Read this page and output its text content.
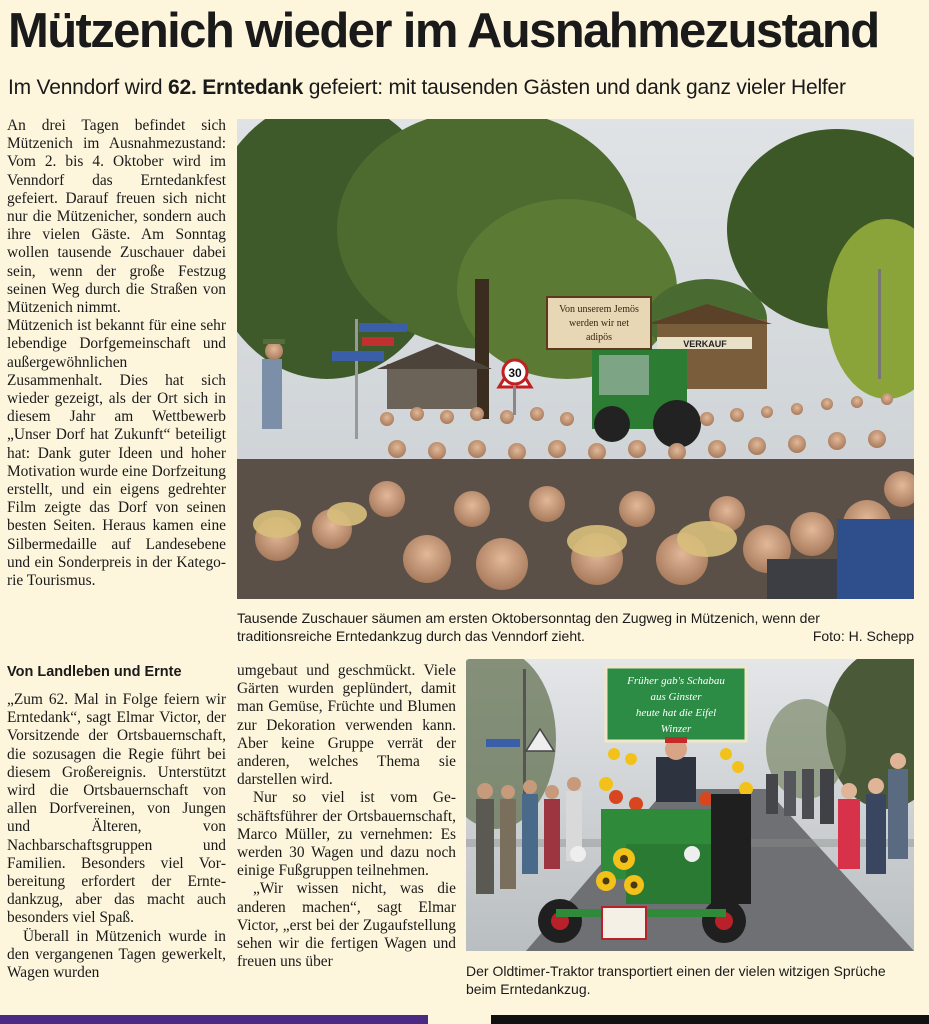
Mützenich wieder im Ausnahmezustand
Im Venndorf wird 62. Erntedank gefeiert: mit tausenden Gästen und dank ganz vieler Helfer

An drei Tagen befindet sich Mützenich im Ausnahmezustand: Vom 2. bis 4. Oktober wird im Venndorf das Erntedankfest gefeiert. Darauf freuen sich nicht nur die Mützenicher, sondern auch ihre vielen Gäste. Am Sonntag wollen tausende Zuschauer dabei sein, wenn der große Festzug seinen Weg durch die Straßen von Mützenich nimmt.

Mützenich ist bekannt für eine sehr lebendige Dorfgemeinschaft und außergewöhnlichen Zusammenhalt. Dies hat sich wieder gezeigt, als der Ort sich in diesem Jahr am Wettbewerb „Unser Dorf hat Zukunft“ beteiligt hat: Dank guter Ideen und hoher Motivation wurde eine Dorfzeitung erstellt, und ein eigens gedrehter Film zeigte das Dorf von seinen besten Seiten. Heraus kamen eine Silbermedaille auf Landesebene und ein Sonderpreis in der Kategorie Tourismus.

30
Von unserem Jemös
werden wir net
adipös
VERKAUF
Tausende Zuschauer säumen am ersten Oktobersonntag den Zugweg in Mützenich, wenn der traditionsreiche Erntedankzug durch das Venndorf zieht.	Foto: H. Schepp
Von Landleben und Ernte

„Zum 62. Mal in Folge feiern wir Erntedank“, sagt Elmar Victor, der Vorsitzende der Ortsbauernschaft, die sozusagen die Regie führt bei diesem Großereignis. Unterstützt wird die Ortsbauernschaft von allen Dorfvereinen, von Jungen und Älteren, von Nachbarschaftsgruppen und Familien. Besonders viel Vorbereitung erfordert der Erntedankzug, aber das macht auch besonders viel Spaß.

Überall in Mützenich wurde in den vergangenen Tagen gewerkelt, Wagen wurden

umgebaut und geschmückt. Viele Gärten wurden geplündert, damit man Gemüse, Früchte und Blumen zur Dekoration verwenden kann. Aber keine Gruppe verrät der anderen, welches Thema sie darstellen wird.

Nur so viel ist vom Geschäftsführer der Ortsbauernschaft, Marco Müller, zu vernehmen: Es werden 30 Wagen und dazu noch einige Fußgruppen teilnehmen.

„Wir wissen nicht, was die anderen machen“, sagt Elmar Victor, „erst bei der Zugaufstellung sehen wir die fertigen Wagen und freuen uns über

Früher gab's Schabau
aus Ginster
heute hat die Eifel
Winzer
Der Oldtimer-Traktor transportiert einen der vielen witzigen Sprüche beim Erntedankzug.
